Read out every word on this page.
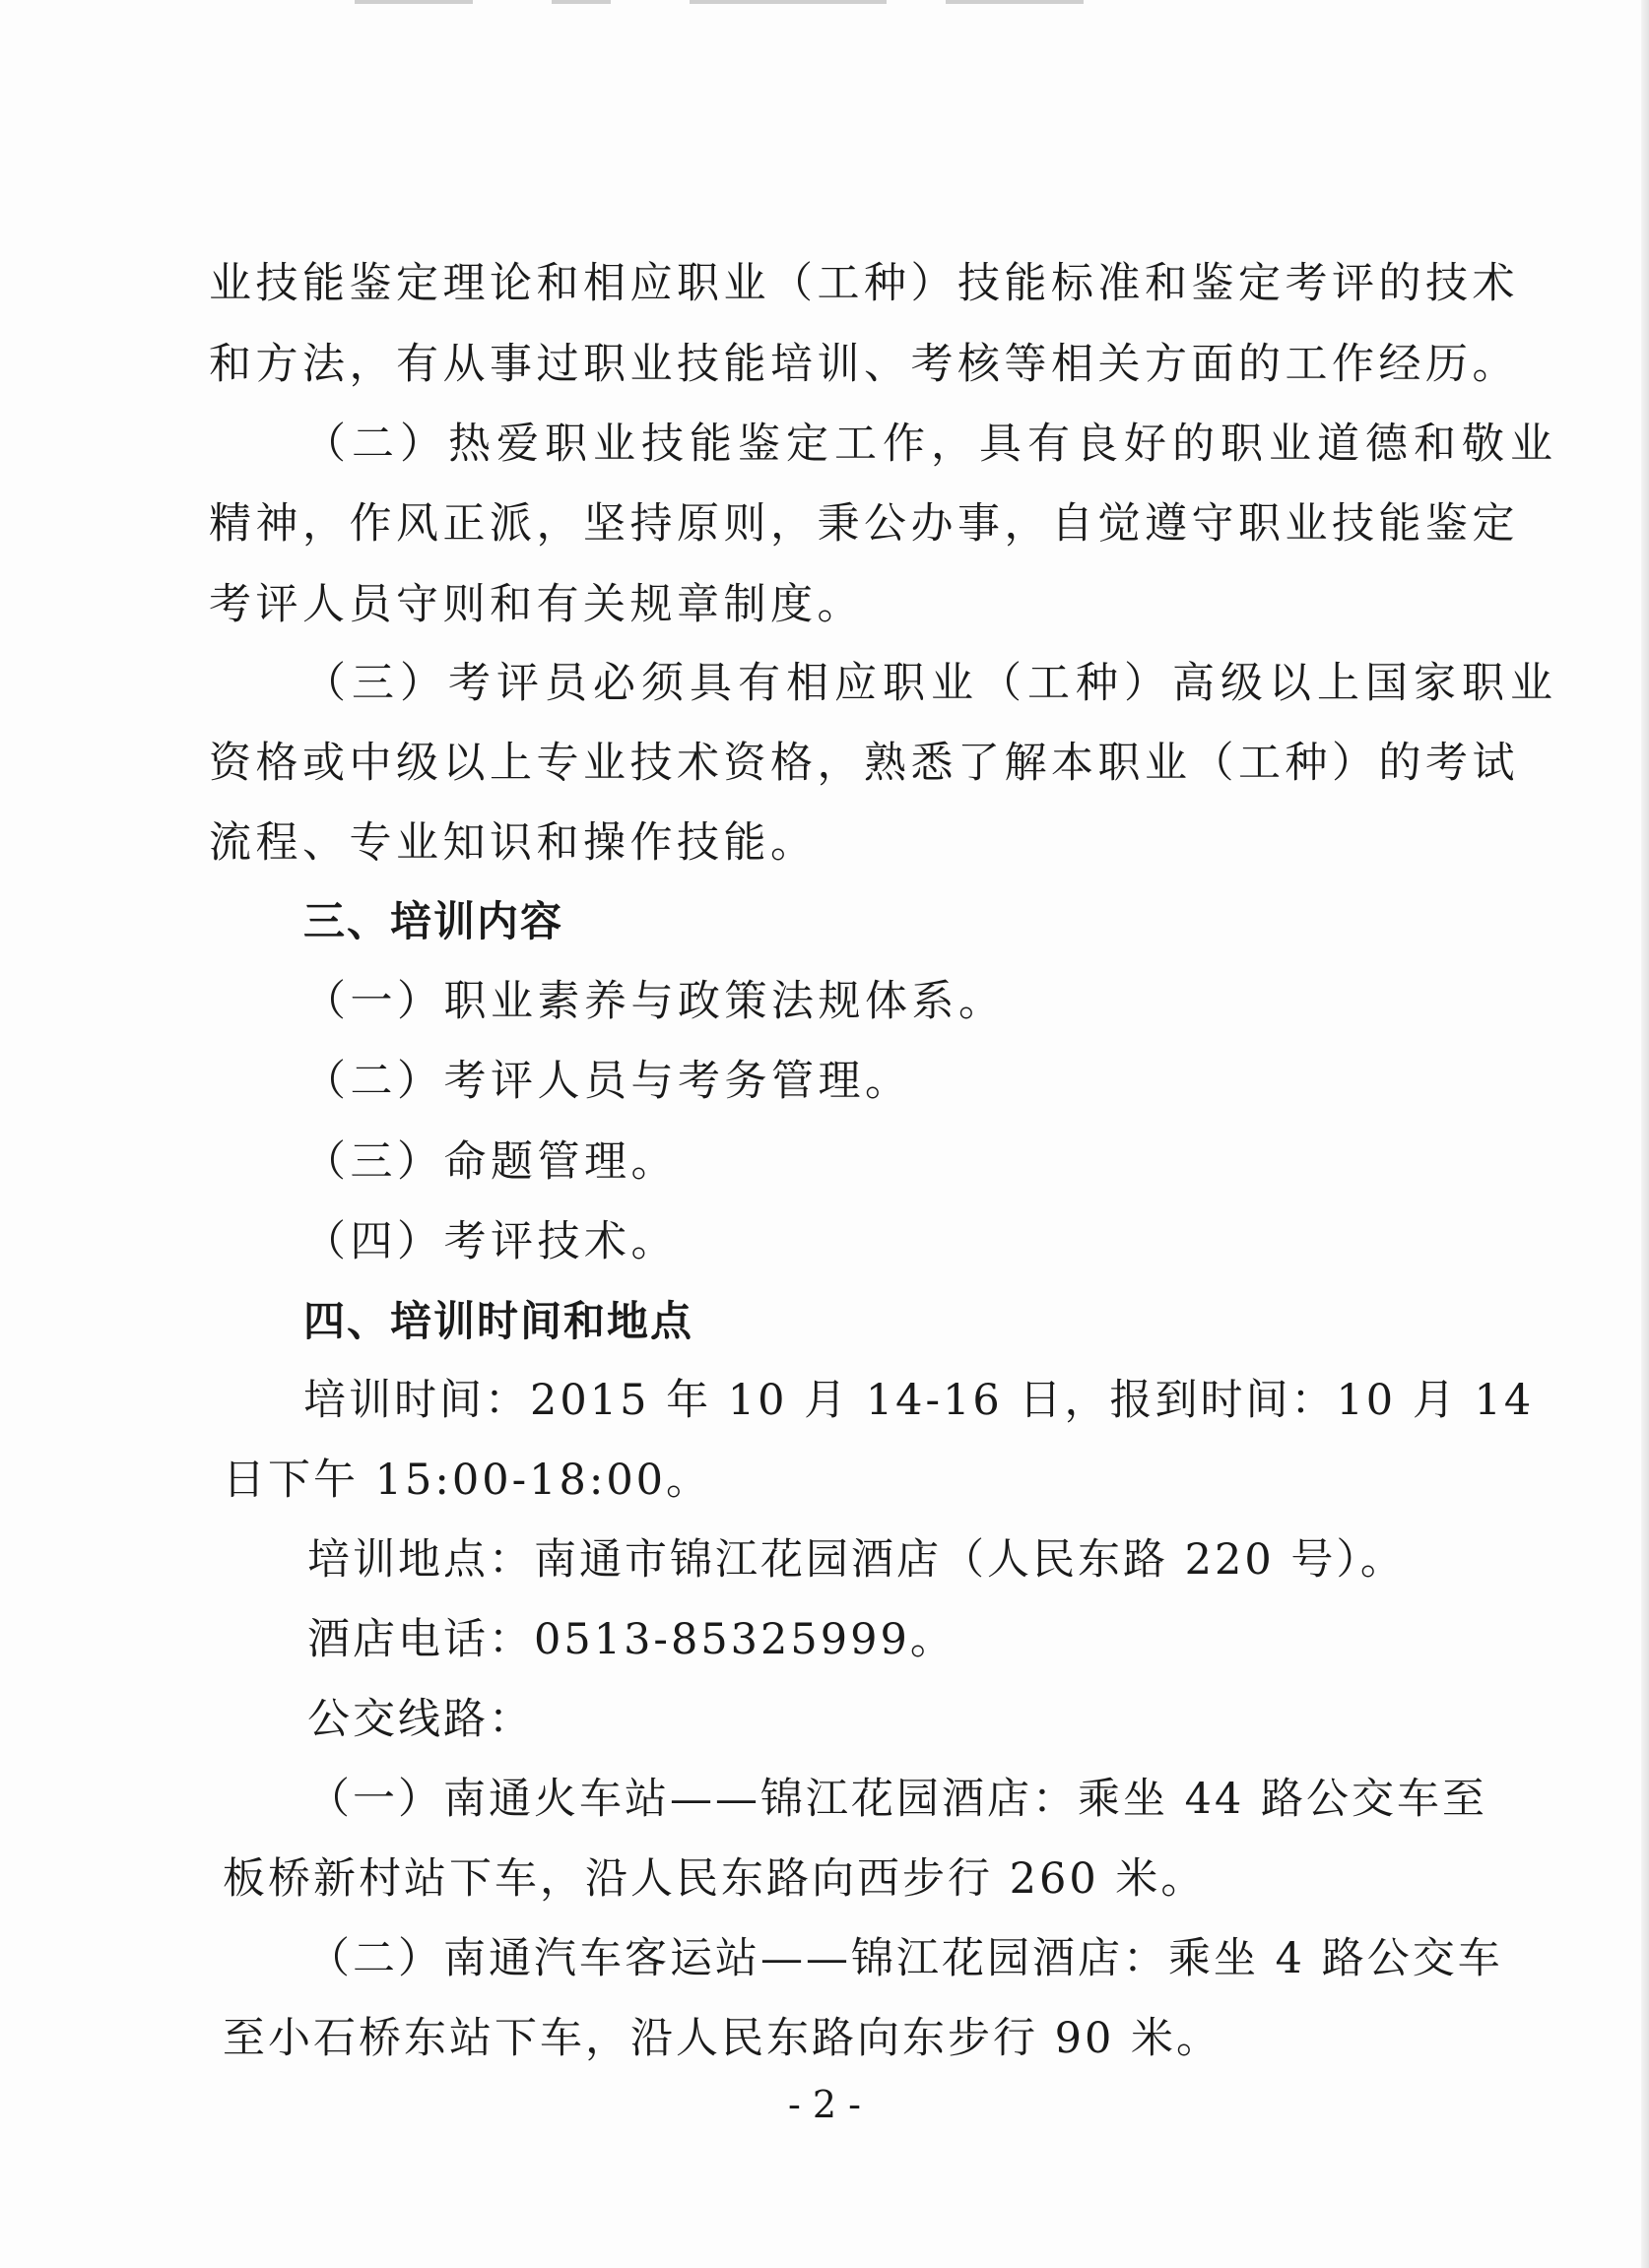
业技能鉴定理论和相应职业（工种）技能标准和鉴定考评的技术
和方法，有从事过职业技能培训、考核等相关方面的工作经历。
（二）热爱职业技能鉴定工作，具有良好的职业道德和敬业
精神，作风正派，坚持原则，秉公办事，自觉遵守职业技能鉴定
考评人员守则和有关规章制度。
（三）考评员必须具有相应职业（工种）高级以上国家职业
资格或中级以上专业技术资格，熟悉了解本职业（工种）的考试
流程、专业知识和操作技能。
三、培训内容
（一）职业素养与政策法规体系。
（二）考评人员与考务管理。
（三）命题管理。
（四）考评技术。
四、培训时间和地点
培训时间：2015 年 10 月 14-16 日，报到时间：10 月 14
日下午 15:00-18:00。
培训地点：南通市锦江花园酒店（人民东路 220 号）。
酒店电话：0513-85325999。
公交线路：
（一）南通火车站——锦江花园酒店：乘坐 44 路公交车至
板桥新村站下车，沿人民东路向西步行 260 米。
（二）南通汽车客运站——锦江花园酒店：乘坐 4 路公交车
至小石桥东站下车，沿人民东路向东步行 90 米。
- 2 -
